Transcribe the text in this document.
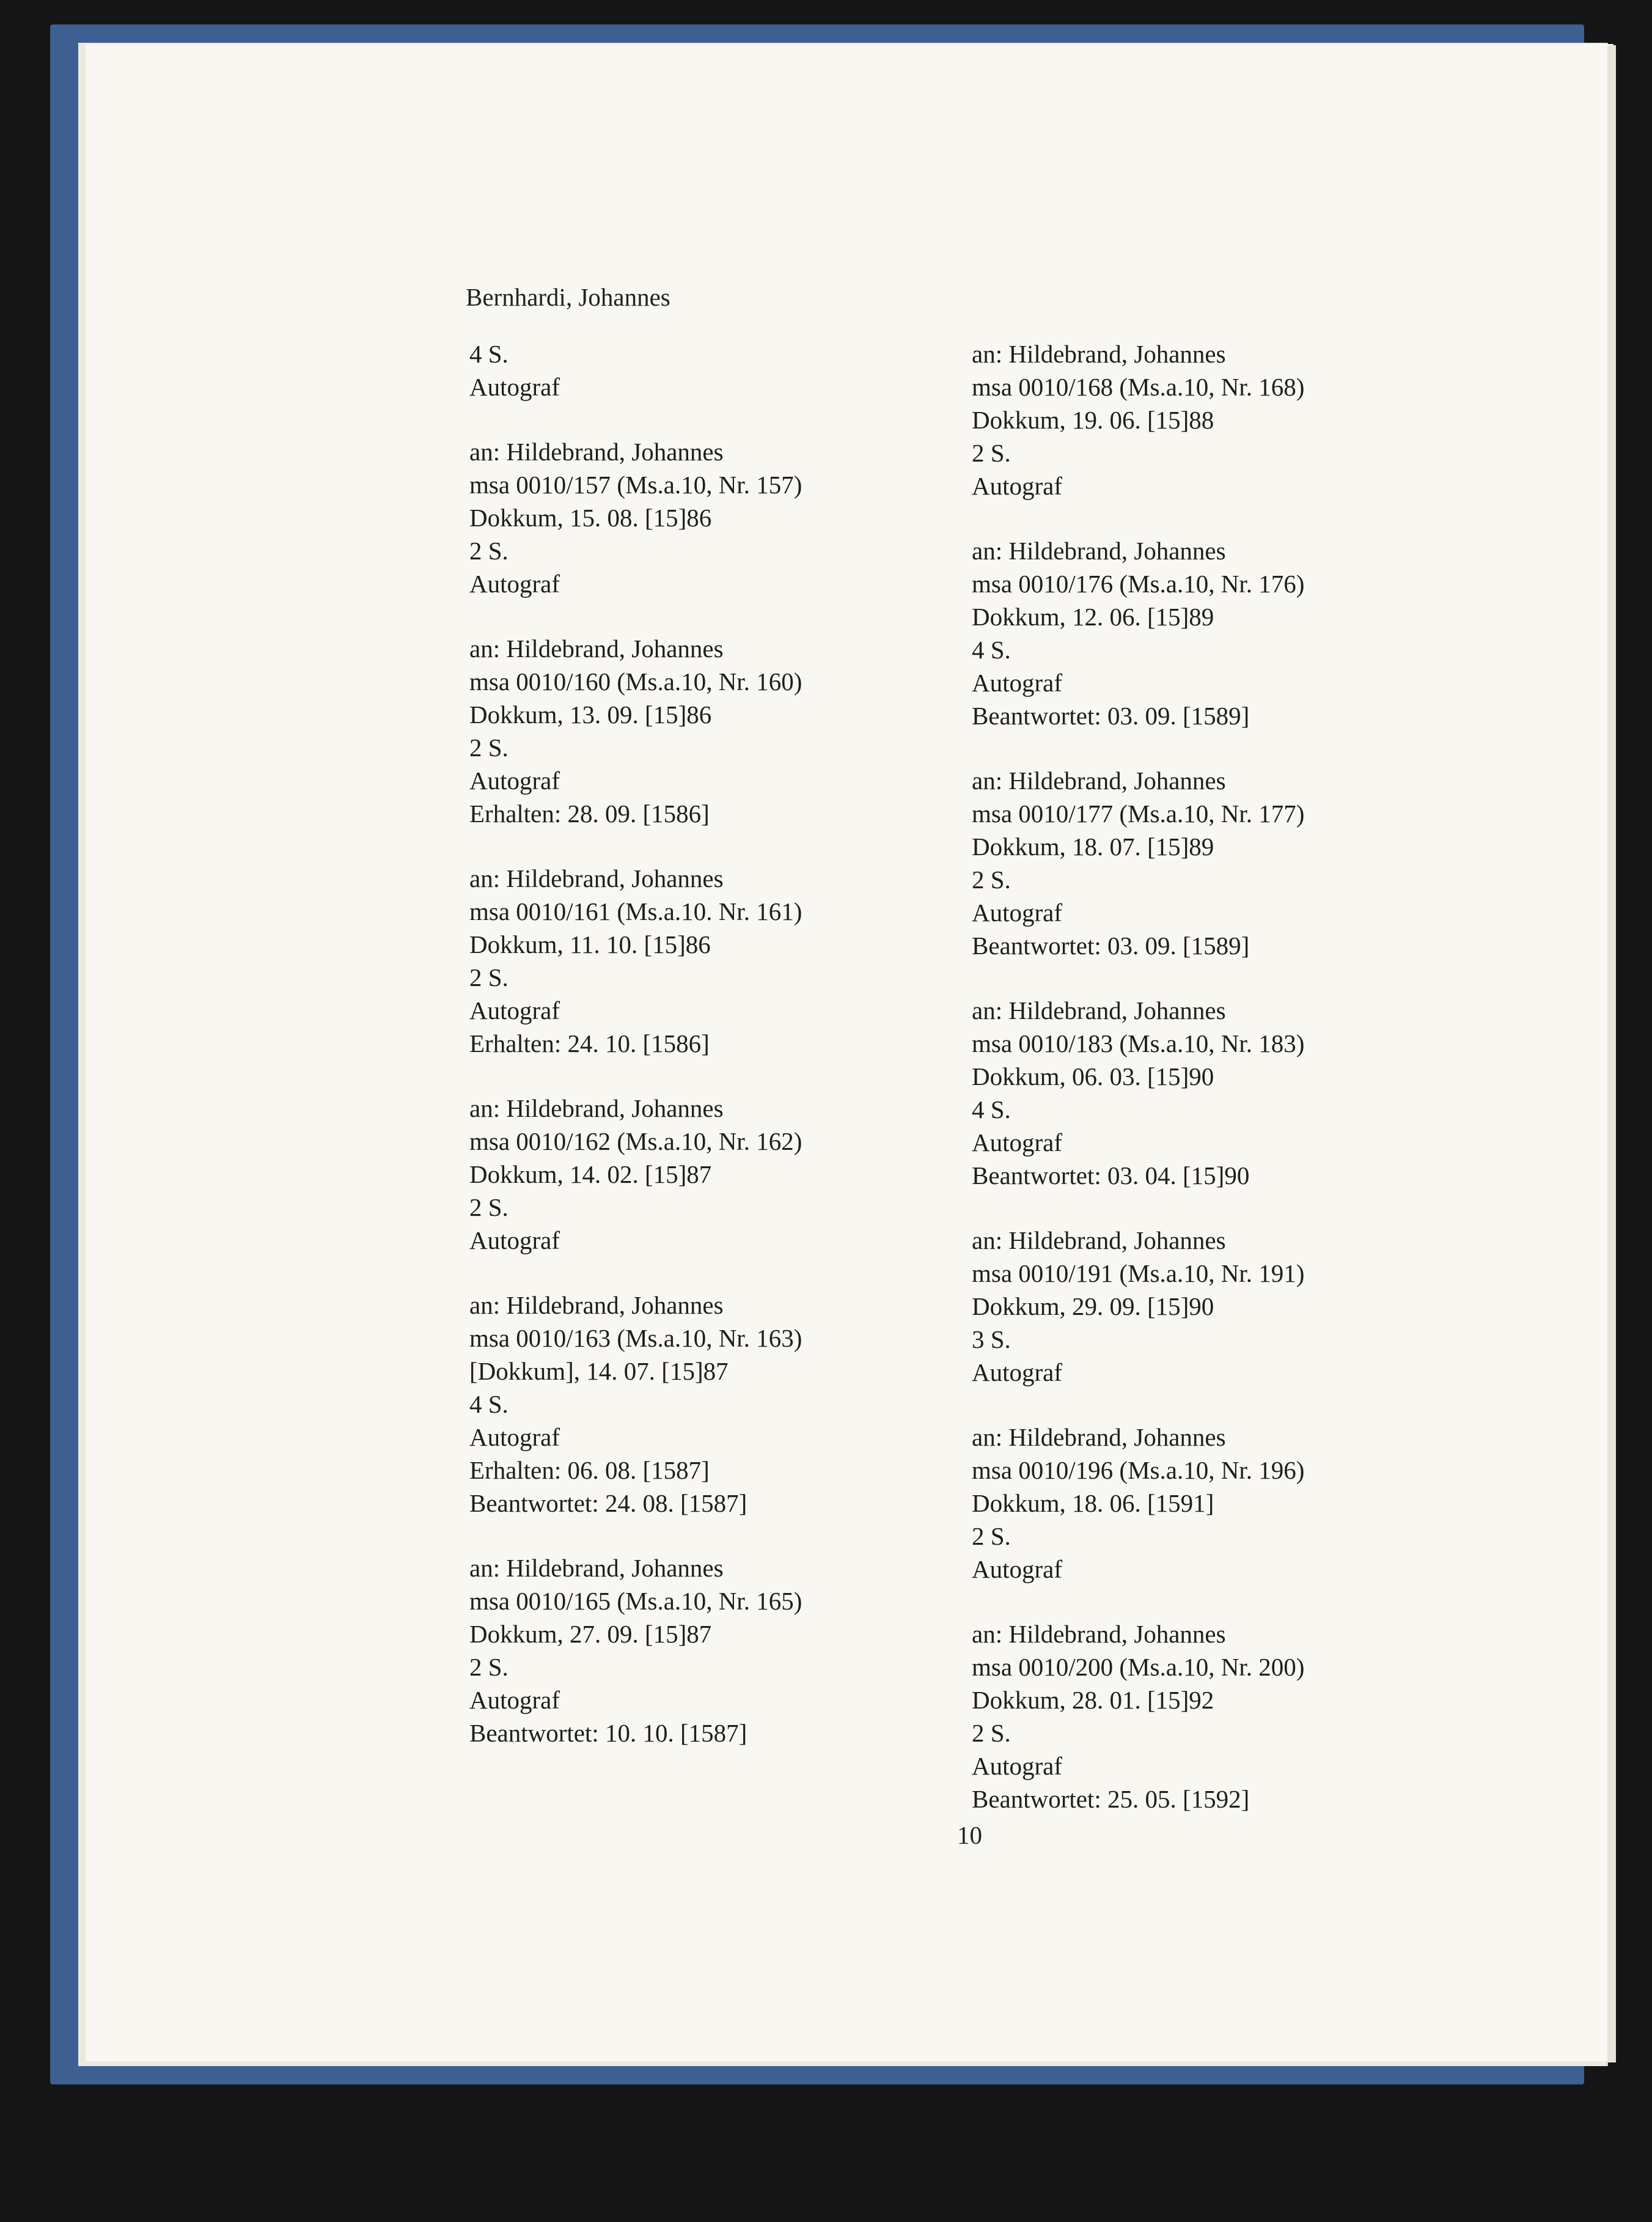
Bernhardi, Johannes
4 S.
Autograf
an: Hildebrand, Johannes
msa 0010/157 (Ms.a.10, Nr. 157)
Dokkum, 15. 08. [15]86
2 S.
Autograf
an: Hildebrand, Johannes
msa 0010/160 (Ms.a.10, Nr. 160)
Dokkum, 13. 09. [15]86
2 S.
Autograf
Erhalten: 28. 09. [1586]
an: Hildebrand, Johannes
msa 0010/161 (Ms.a.10. Nr. 161)
Dokkum, 11. 10. [15]86
2 S.
Autograf
Erhalten: 24. 10. [1586]
an: Hildebrand, Johannes
msa 0010/162 (Ms.a.10, Nr. 162)
Dokkum, 14. 02. [15]87
2 S.
Autograf
an: Hildebrand, Johannes
msa 0010/163 (Ms.a.10, Nr. 163)
[Dokkum], 14. 07. [15]87
4 S.
Autograf
Erhalten: 06. 08. [1587]
Beantwortet: 24. 08. [1587]
an: Hildebrand, Johannes
msa 0010/165 (Ms.a.10, Nr. 165)
Dokkum, 27. 09. [15]87
2 S.
Autograf
Beantwortet: 10. 10. [1587]
an: Hildebrand, Johannes
msa 0010/168 (Ms.a.10, Nr. 168)
Dokkum, 19. 06. [15]88
2 S.
Autograf
an: Hildebrand, Johannes
msa 0010/176 (Ms.a.10, Nr. 176)
Dokkum, 12. 06. [15]89
4 S.
Autograf
Beantwortet: 03. 09. [1589]
an: Hildebrand, Johannes
msa 0010/177 (Ms.a.10, Nr. 177)
Dokkum, 18. 07. [15]89
2 S.
Autograf
Beantwortet: 03. 09. [1589]
an: Hildebrand, Johannes
msa 0010/183 (Ms.a.10, Nr. 183)
Dokkum, 06. 03. [15]90
4 S.
Autograf
Beantwortet: 03. 04. [15]90
an: Hildebrand, Johannes
msa 0010/191 (Ms.a.10, Nr. 191)
Dokkum, 29. 09. [15]90
3 S.
Autograf
an: Hildebrand, Johannes
msa 0010/196 (Ms.a.10, Nr. 196)
Dokkum, 18. 06. [1591]
2 S.
Autograf
an: Hildebrand, Johannes
msa 0010/200 (Ms.a.10, Nr. 200)
Dokkum, 28. 01. [15]92
2 S.
Autograf
Beantwortet: 25. 05. [1592]
10
